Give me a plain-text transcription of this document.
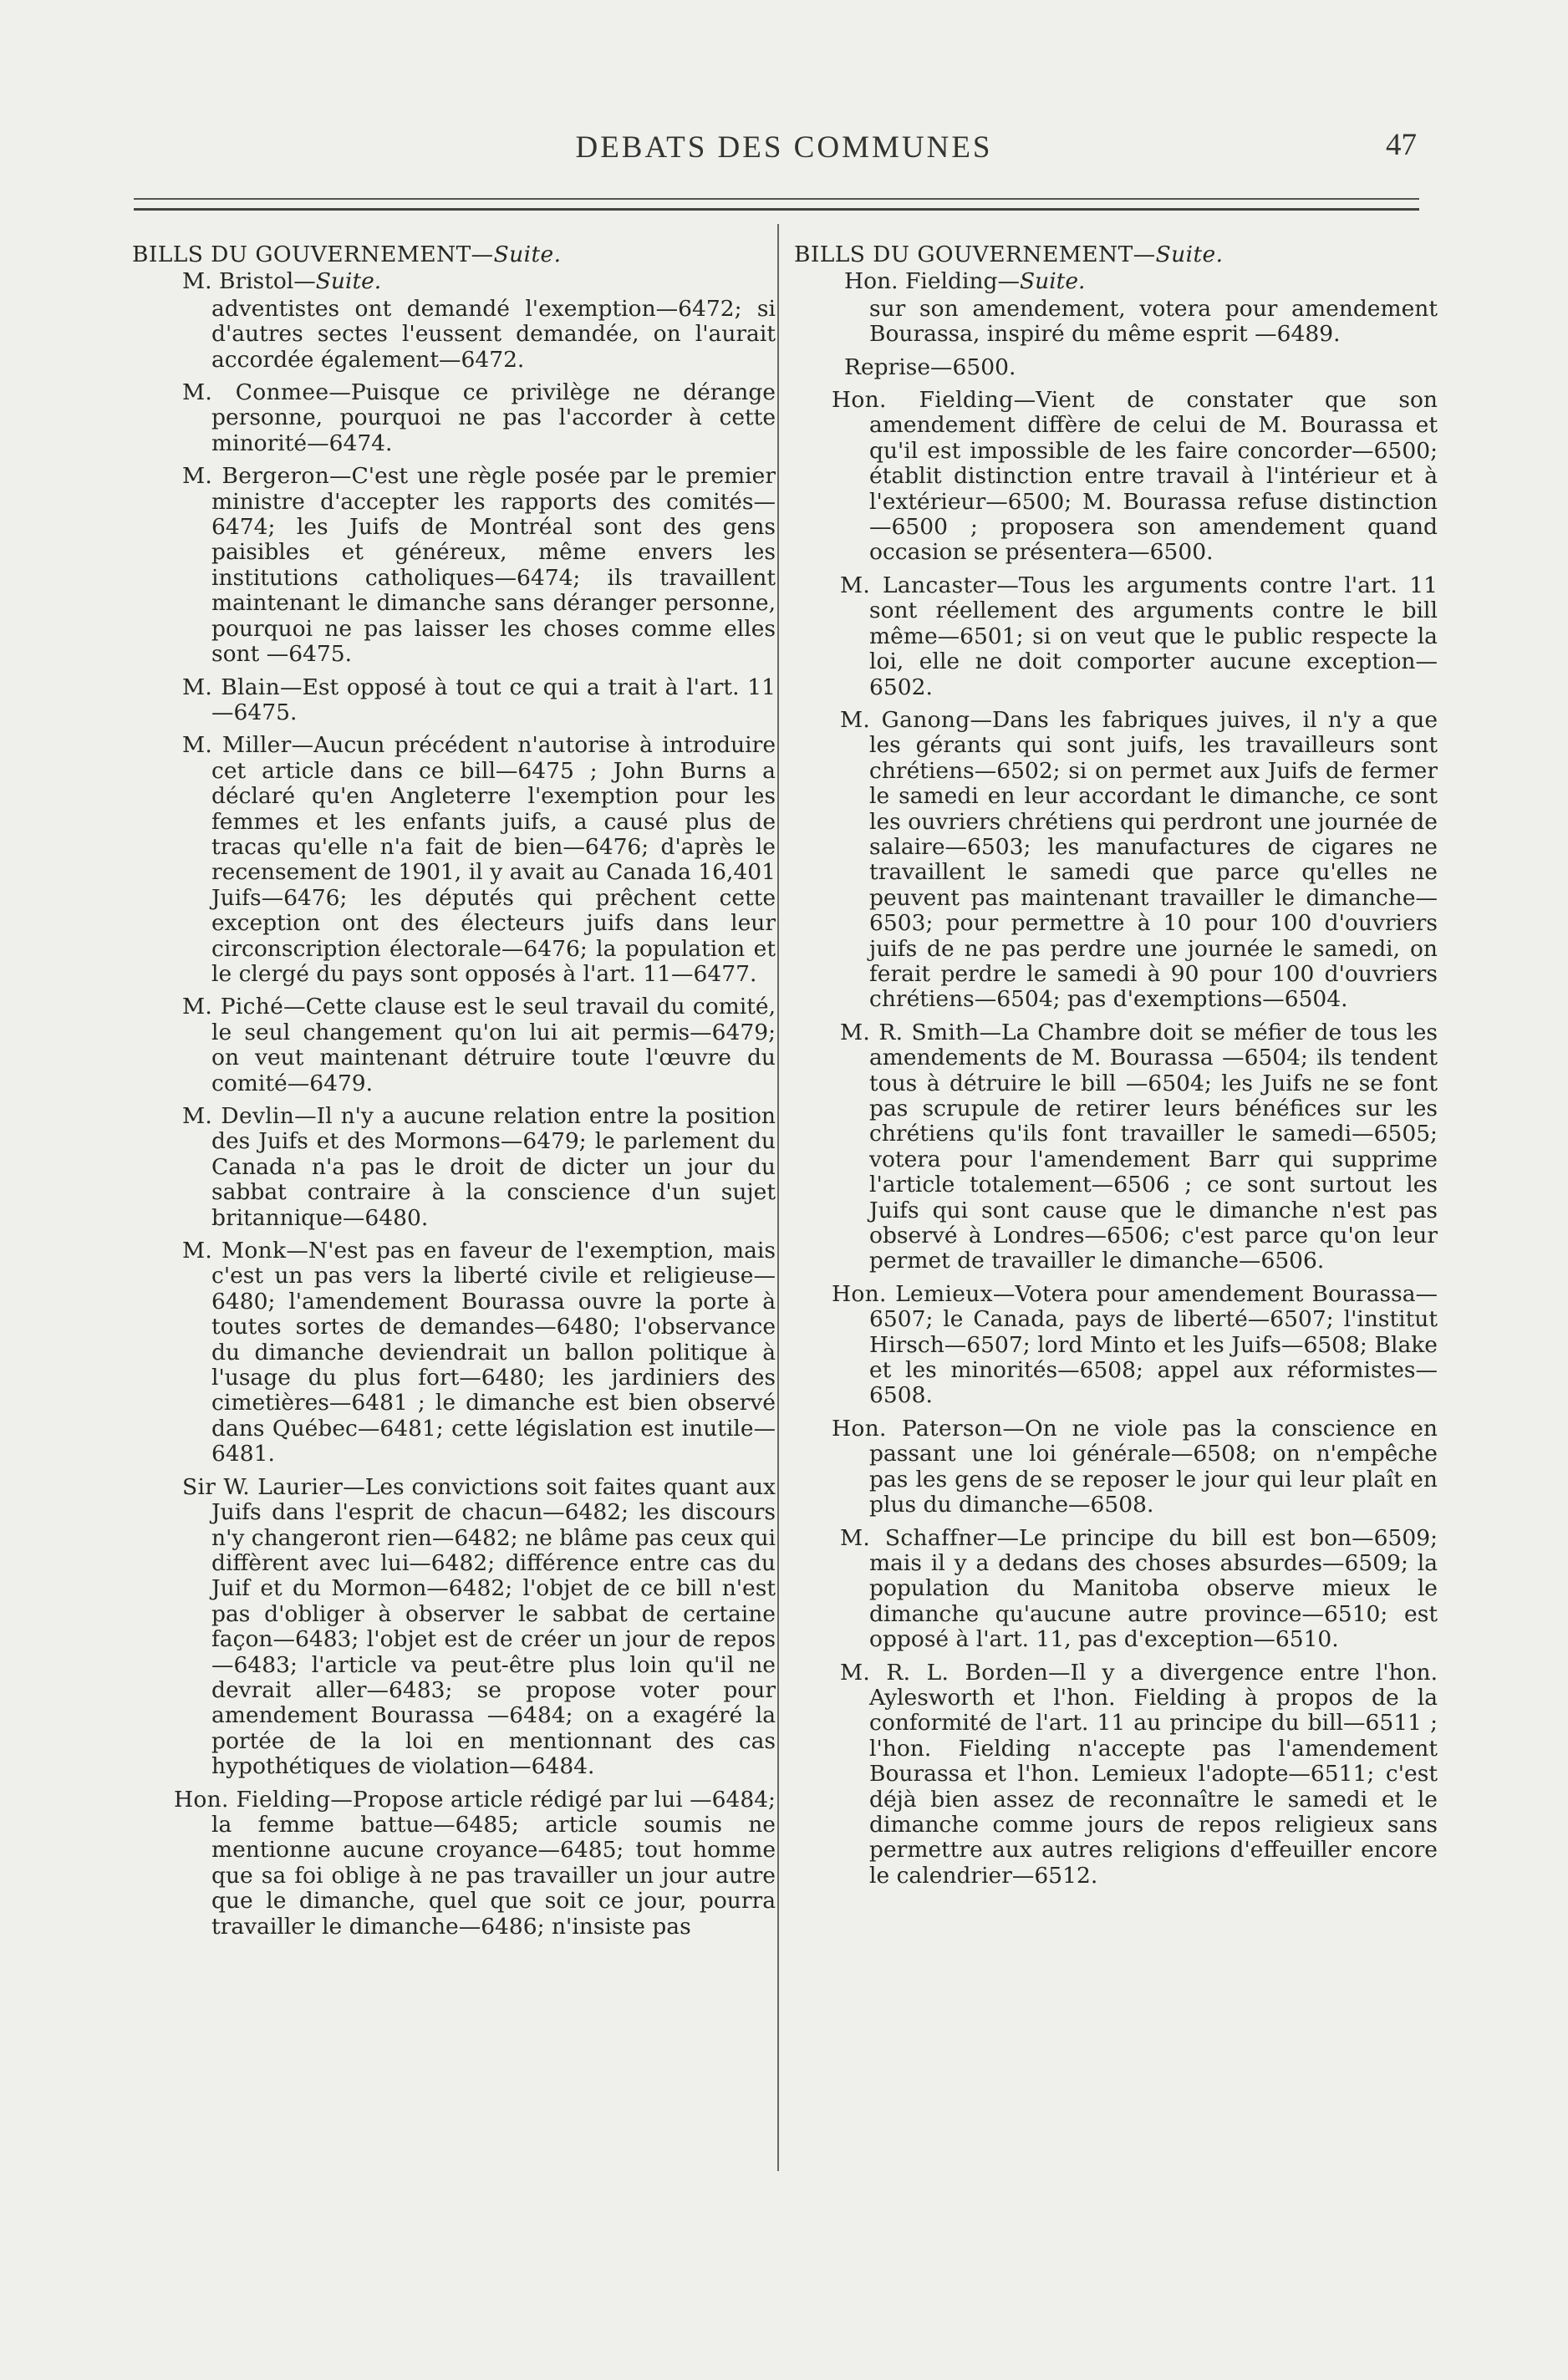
DEBATS DES COMMUNES	47
BILLS DU GOUVERNEMENT—Suite.
M. Bristol—Suite.
adventistes ont demandé l'exemption—6472; si d'autres sectes l'eussent demandée, on l'aurait accordée également—6472.
M. Conmee—Puisque ce privilège ne dérange personne, pourquoi ne pas l'accorder à cette minorité—6474.
M. Bergeron—C'est une règle posée par le premier ministre d'accepter les rapports des comités—6474; les Juifs de Montréal sont des gens paisibles et généreux, même envers les institutions catholiques—6474; ils travaillent maintenant le dimanche sans déranger personne, pourquoi ne pas laisser les choses comme elles sont —6475.
M. Blain—Est opposé à tout ce qui a trait à l'art. 11—6475.
M. Miller—Aucun précédent n'autorise à introduire cet article dans ce bill—6475 ; John Burns a déclaré qu'en Angleterre l'exemption pour les femmes et les enfants juifs, a causé plus de tracas qu'elle n'a fait de bien—6476; d'après le recensement de 1901, il y avait au Canada 16,401 Juifs—6476; les députés qui prêchent cette exception ont des électeurs juifs dans leur circonscription électorale—6476; la population et le clergé du pays sont opposés à l'art. 11—6477.
M. Piché—Cette clause est le seul travail du comité, le seul changement qu'on lui ait permis—6479; on veut maintenant détruire toute l'œuvre du comité—6479.
M. Devlin—Il n'y a aucune relation entre la position des Juifs et des Mormons—6479; le parlement du Canada n'a pas le droit de dicter un jour du sabbat contraire à la conscience d'un sujet britannique—6480.
M. Monk—N'est pas en faveur de l'exemption, mais c'est un pas vers la liberté civile et religieuse—6480; l'amendement Bourassa ouvre la porte à toutes sortes de demandes—6480; l'observance du dimanche deviendrait un ballon politique à l'usage du plus fort—6480; les jardiniers des cimetières—6481 ; le dimanche est bien observé dans Québec—6481; cette législation est inutile—6481.
Sir W. Laurier—Les convictions soit faites quant aux Juifs dans l'esprit de chacun—6482; les discours n'y changeront rien—6482; ne blâme pas ceux qui diffèrent avec lui—6482; différence entre cas du Juif et du Mormon—6482; l'objet de ce bill n'est pas d'obliger à observer le sabbat de certaine façon—6483; l'objet est de créer un jour de repos—6483; l'article va peut-être plus loin qu'il ne devrait aller—6483; se propose voter pour amendement Bourassa —6484; on a exagéré la portée de la loi en mentionnant des cas hypothétiques de violation—6484.
Hon. Fielding—Propose article rédigé par lui —6484; la femme battue—6485; article soumis ne mentionne aucune croyance—6485; tout homme que sa foi oblige à ne pas travailler un jour autre que le dimanche, quel que soit ce jour, pourra travailler le dimanche—6486; n'insiste pas
BILLS DU GOUVERNEMENT—Suite.
Hon. Fielding—Suite.
sur son amendement, votera pour amendement Bourassa, inspiré du même esprit —6489.
Reprise—6500.
Hon. Fielding—Vient de constater que son amendement diffère de celui de M. Bourassa et qu'il est impossible de les faire concorder—6500; établit distinction entre travail à l'intérieur et à l'extérieur—6500; M. Bourassa refuse distinction—6500 ; proposera son amendement quand occasion se présentera—6500.
M. Lancaster—Tous les arguments contre l'art. 11 sont réellement des arguments contre le bill même—6501; si on veut que le public respecte la loi, elle ne doit comporter aucune exception—6502.
M. Ganong—Dans les fabriques juives, il n'y a que les gérants qui sont juifs, les travailleurs sont chrétiens—6502; si on permet aux Juifs de fermer le samedi en leur accordant le dimanche, ce sont les ouvriers chrétiens qui perdront une journée de salaire—6503; les manufactures de cigares ne travaillent le samedi que parce qu'elles ne peuvent pas maintenant travailler le dimanche—6503; pour permettre à 10 pour 100 d'ouvriers juifs de ne pas perdre une journée le samedi, on ferait perdre le samedi à 90 pour 100 d'ouvriers chrétiens—6504; pas d'exemptions—6504.
M. R. Smith—La Chambre doit se méfier de tous les amendements de M. Bourassa —6504; ils tendent tous à détruire le bill —6504; les Juifs ne se font pas scrupule de retirer leurs bénéfices sur les chrétiens qu'ils font travailler le samedi—6505; votera pour l'amendement Barr qui supprime l'article totalement—6506 ; ce sont surtout les Juifs qui sont cause que le dimanche n'est pas observé à Londres—6506; c'est parce qu'on leur permet de travailler le dimanche—6506.
Hon. Lemieux—Votera pour amendement Bourassa—6507; le Canada, pays de liberté—6507; l'institut Hirsch—6507; lord Minto et les Juifs—6508; Blake et les minorités—6508; appel aux réformistes—6508.
Hon. Paterson—On ne viole pas la conscience en passant une loi générale—6508; on n'empêche pas les gens de se reposer le jour qui leur plaît en plus du dimanche—6508.
M. Schaffner—Le principe du bill est bon—6509; mais il y a dedans des choses absurdes—6509; la population du Manitoba observe mieux le dimanche qu'aucune autre province—6510; est opposé à l'art. 11, pas d'exception—6510.
M. R. L. Borden—Il y a divergence entre l'hon. Aylesworth et l'hon. Fielding à propos de la conformité de l'art. 11 au principe du bill—6511 ; l'hon. Fielding n'accepte pas l'amendement Bourassa et l'hon. Lemieux l'adopte—6511; c'est déjà bien assez de reconnaître le samedi et le dimanche comme jours de repos religieux sans permettre aux autres religions d'effeuiller encore le calendrier—6512.
